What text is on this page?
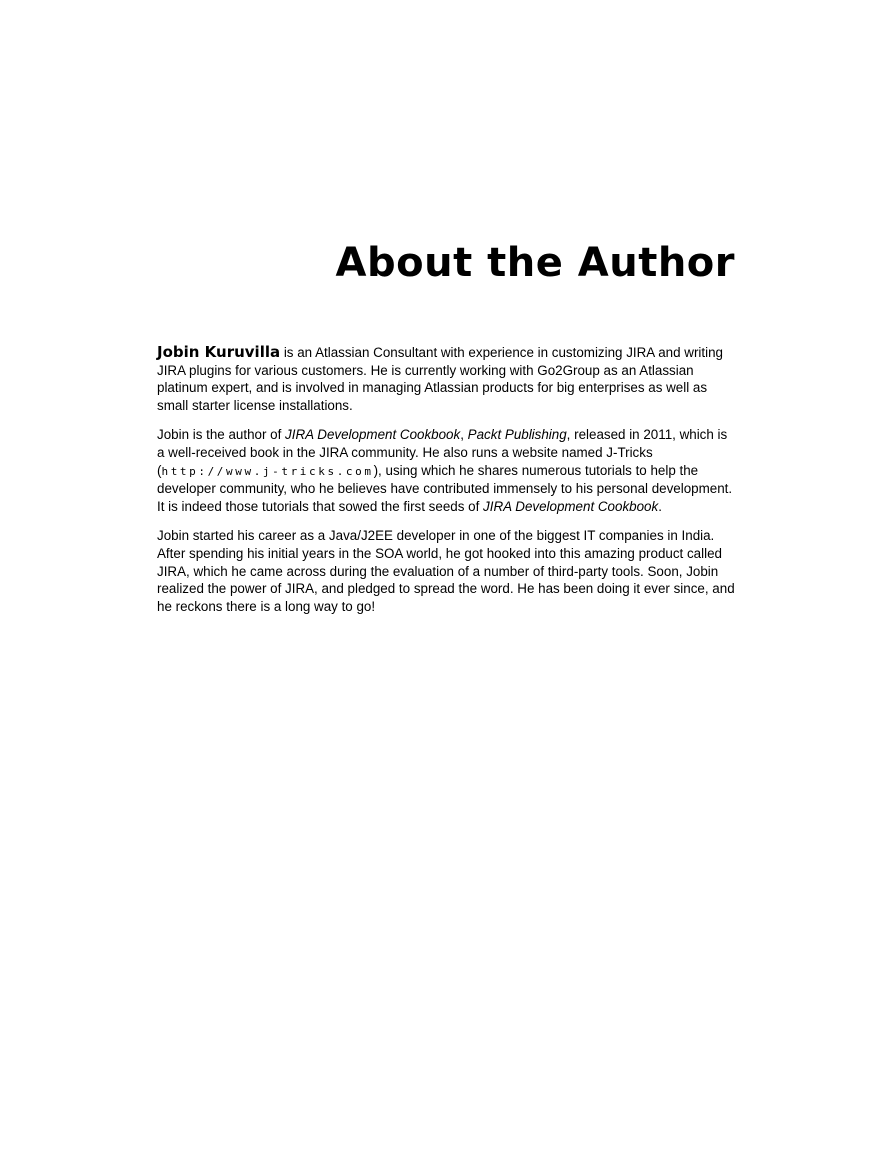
About the Author

Jobin Kuruvilla is an Atlassian Consultant with experience in customizing JIRA and writing JIRA plugins for various customers. He is currently working with Go2Group as an Atlassian platinum expert, and is involved in managing Atlassian products for big enterprises as well as small starter license installations.

Jobin is the author of JIRA Development Cookbook, Packt Publishing, released in 2011, which is a well-received book in the JIRA community. He also runs a website named J-Tricks (http://www.j-tricks.com), using which he shares numerous tutorials to help the developer community, who he believes have contributed immensely to his personal development. It is indeed those tutorials that sowed the first seeds of JIRA Development Cookbook.

Jobin started his career as a Java/J2EE developer in one of the biggest IT companies in India. After spending his initial years in the SOA world, he got hooked into this amazing product called JIRA, which he came across during the evaluation of a number of third-party tools. Soon, Jobin realized the power of JIRA, and pledged to spread the word. He has been doing it ever since, and he reckons there is a long way to go!
